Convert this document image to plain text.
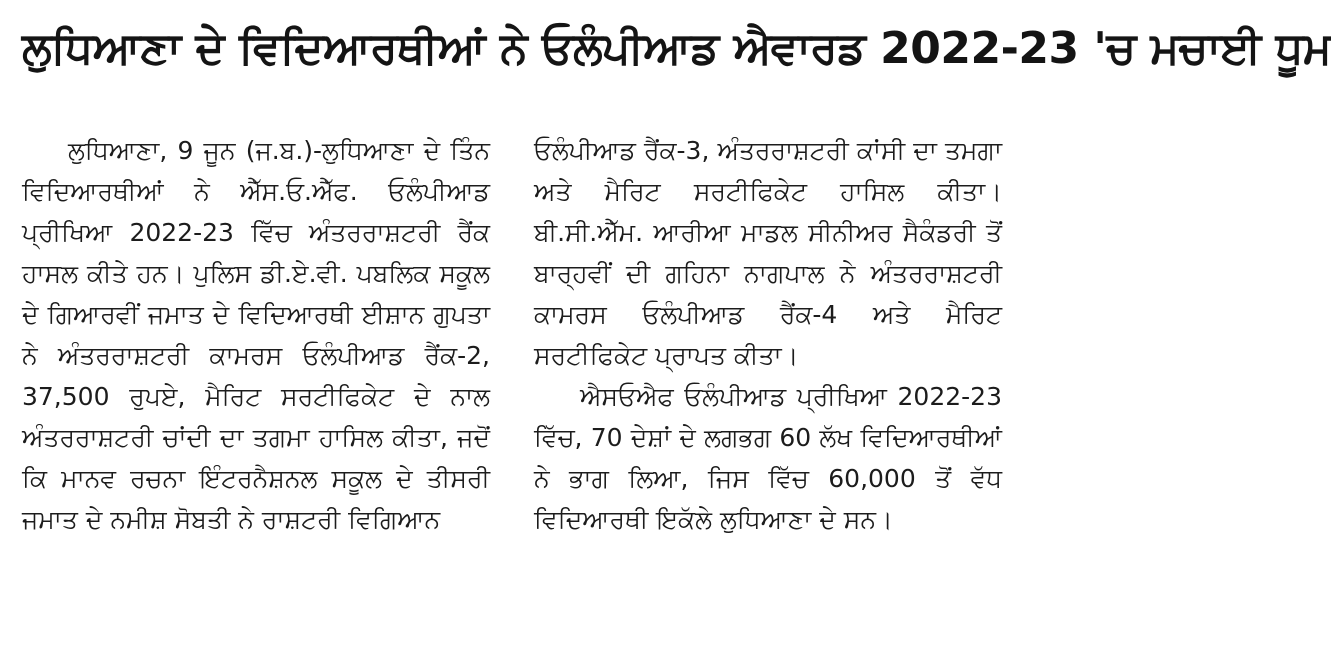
ਲੁਧਿਆਣਾ ਦੇ ਵਿਦਿਆਰਥੀਆਂ ਨੇ ਓਲੰਪੀਆਡ ਐਵਾਰਡ 2022-23 'ਚ ਮਚਾਈ ਧੂਮ

ਲੁਧਿਆਣਾ, 9 ਜੂਨ (ਜ.ਬ.)-ਲੁਧਿਆਣਾ ਦੇ ਤਿੰਨ ਵਿਦਿਆਰਥੀਆਂ ਨੇ ਐੱਸ.ਓ.ਐੱਫ. ਓਲੰਪੀਆਡ ਪ੍ਰੀਖਿਆ 2022-23 ਵਿੱਚ ਅੰਤਰਰਾਸ਼ਟਰੀ ਰੈਂਕ ਹਾਸਲ ਕੀਤੇ ਹਨ। ਪੁਲਿਸ ਡੀ.ਏ.ਵੀ. ਪਬਲਿਕ ਸਕੂਲ ਦੇ ਗਿਆਰਵੀਂ ਜਮਾਤ ਦੇ ਵਿਦਿਆਰਥੀ ਈਸ਼ਾਨ ਗੁਪਤਾ ਨੇ ਅੰਤਰਰਾਸ਼ਟਰੀ ਕਾਮਰਸ ਓਲੰਪੀਆਡ ਰੈਂਕ-2, 37,500 ਰੁਪਏ, ਮੈਰਿਟ ਸਰਟੀਫਿਕੇਟ ਦੇ ਨਾਲ ਅੰਤਰਰਾਸ਼ਟਰੀ ਚਾਂਦੀ ਦਾ ਤਗਮਾ ਹਾਸਿਲ ਕੀਤਾ, ਜਦੋਂ ਕਿ ਮਾਨਵ ਰਚਨਾ ਇੰਟਰਨੈਸ਼ਨਲ ਸਕੂਲ ਦੇ ਤੀਸਰੀ ਜਮਾਤ ਦੇ ਨਮੀਸ਼ ਸੋਬਤੀ ਨੇ ਰਾਸ਼ਟਰੀ ਵਿਗਿਆਨ

ਓਲੰਪੀਆਡ ਰੈਂਕ-3, ਅੰਤਰਰਾਸ਼ਟਰੀ ਕਾਂਸੀ ਦਾ ਤਮਗਾ ਅਤੇ ਮੈਰਿਟ ਸਰਟੀਫਿਕੇਟ ਹਾਸਿਲ ਕੀਤਾ। ਬੀ.ਸੀ.ਐੱਮ. ਆਰੀਆ ਮਾਡਲ ਸੀਨੀਅਰ ਸੈਕੰਡਰੀ ਤੋਂ ਬਾਰ੍ਹਵੀਂ ਦੀ ਗਹਿਨਾ ਨਾਗਪਾਲ ਨੇ ਅੰਤਰਰਾਸ਼ਟਰੀ ਕਾਮਰਸ ਓਲੰਪੀਆਡ ਰੈਂਕ-4 ਅਤੇ ਮੈਰਿਟ ਸਰਟੀਫਿਕੇਟ ਪ੍ਰਾਪਤ ਕੀਤਾ।

ਐਸਓਐਫ ਓਲੰਪੀਆਡ ਪ੍ਰੀਖਿਆ 2022-23 ਵਿੱਚ, 70 ਦੇਸ਼ਾਂ ਦੇ ਲਗਭਗ 60 ਲੱਖ ਵਿਦਿਆਰਥੀਆਂ ਨੇ ਭਾਗ ਲਿਆ, ਜਿਸ ਵਿੱਚ 60,000 ਤੋਂ ਵੱਧ ਵਿਦਿਆਰਥੀ ਇਕੱਲੇ ਲੁਧਿਆਣਾ ਦੇ ਸਨ।
